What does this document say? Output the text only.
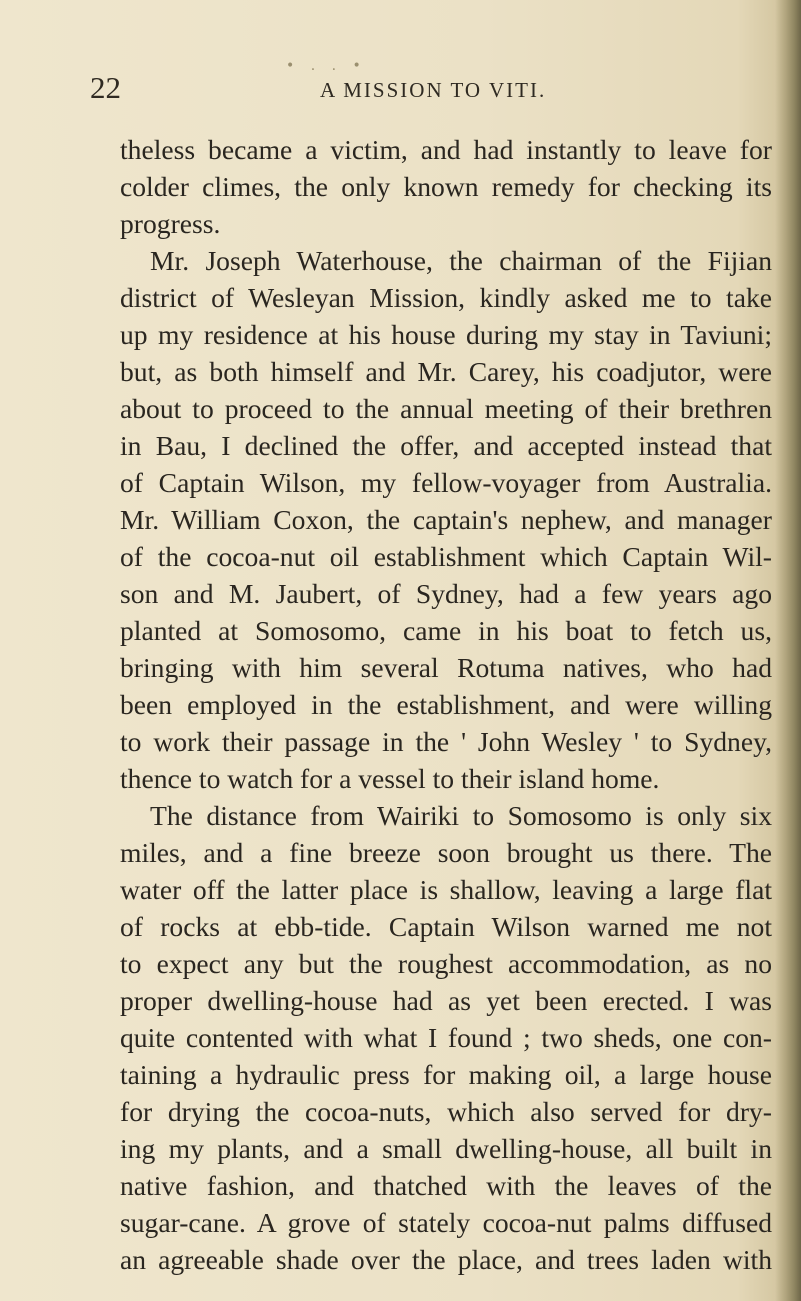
• . . •
22	A MISSION TO VITI.
theless became a victim, and had instantly to leave for
colder climes, the only known remedy for checking its
progress.
Mr. Joseph Waterhouse, the chairman of the Fijian
district of Wesleyan Mission, kindly asked me to take
up my residence at his house during my stay in Taviuni;
but, as both himself and Mr. Carey, his coadjutor, were
about to proceed to the annual meeting of their brethren
in Bau, I declined the offer, and accepted instead that
of Captain Wilson, my fellow-voyager from Australia.
Mr. William Coxon, the captain's nephew, and manager
of the cocoa-nut oil establishment which Captain Wil-
son and M. Jaubert, of Sydney, had a few years ago
planted at Somosomo, came in his boat to fetch us,
bringing with him several Rotuma natives, who had
been employed in the establishment, and were willing
to work their passage in the ' John Wesley ' to Sydney,
thence to watch for a vessel to their island home.
The distance from Wairiki to Somosomo is only six
miles, and a fine breeze soon brought us there. The
water off the latter place is shallow, leaving a large flat
of rocks at ebb-tide. Captain Wilson warned me not
to expect any but the roughest accommodation, as no
proper dwelling-house had as yet been erected. I was
quite contented with what I found ; two sheds, one con-
taining a hydraulic press for making oil, a large house
for drying the cocoa-nuts, which also served for dry-
ing my plants, and a small dwelling-house, all built in
native fashion, and thatched with the leaves of the
sugar-cane. A grove of stately cocoa-nut palms diffused
an agreeable shade over the place, and trees laden with
